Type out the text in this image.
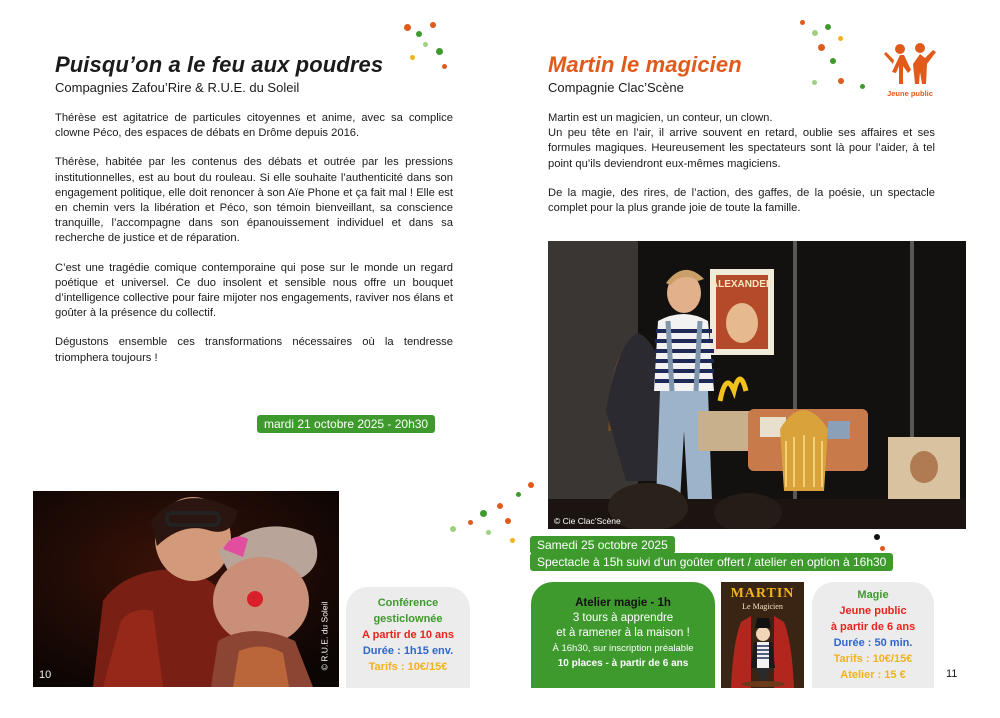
Puisqu’on a le feu aux poudres
Compagnies Zafou’Rire & R.U.E. du Soleil

Thérèse est agitatrice de particules citoyennes et anime, avec sa complice clowne Péco, des espaces de débats en Drôme depuis 2016.

Thérèse, habitée par les contenus des débats et outrée par les pressions institutionnelles, est au bout du rouleau. Si elle souhaite l’authenticité dans son engagement politique, elle doit renoncer à son Aïe Phone et ça fait mal ! Elle est en chemin vers la libération et Péco, son témoin bienveillant, sa conscience tranquille, l’accompagne dans son épanouissement individuel et dans sa recherche de justice et de réparation.

C’est une tragédie comique contemporaine qui pose sur le monde un regard poétique et universel. Ce duo insolent et sensible nous offre un bouquet d’intelligence collective pour faire mijoter nos engagements, raviver nos élans et goûter à la présence du collectif.

Dégustons ensemble ces transformations nécessaires où la tendresse triomphera toujours !

mardi 21 octobre 2025 - 20h30
10
© R.U.E. du Soleil	Conférence gesticlownée
A partir de 10 ans
Durée : 1h15 env.
Tarifs : 10€/15€
Martin le magicien
Compagnie Clac’Scène	Jeune public

Martin est un magicien, un conteur, un clown.
Un peu tête en l’air, il arrive souvent en retard, oublie ses affaires et ses formules magiques. Heureusement les spectateurs sont là pour l’aider, à tel point qu’ils deviendront eux-mêmes magiciens.

De la magie, des rires, de l’action, des gaffes, de la poésie, un spectacle complet pour la plus grande joie de toute la famille.

ALEXANDER
© Cie Clac’Scène
Samedi 25 octobre 2025
Spectacle à 15h suivi d’un goûter offert / atelier en option à 16h30
Atelier magie - 1h
3 tours à apprendre
et à ramener à la maison !
À 16h30, sur inscription préalable
10 places - à partir de 6 ans
MARTIN
Le Magicien
Magie
Jeune public
à partir de 6 ans
Durée : 50 min.
Tarifs : 10€/15€
Atelier : 15 €	11
